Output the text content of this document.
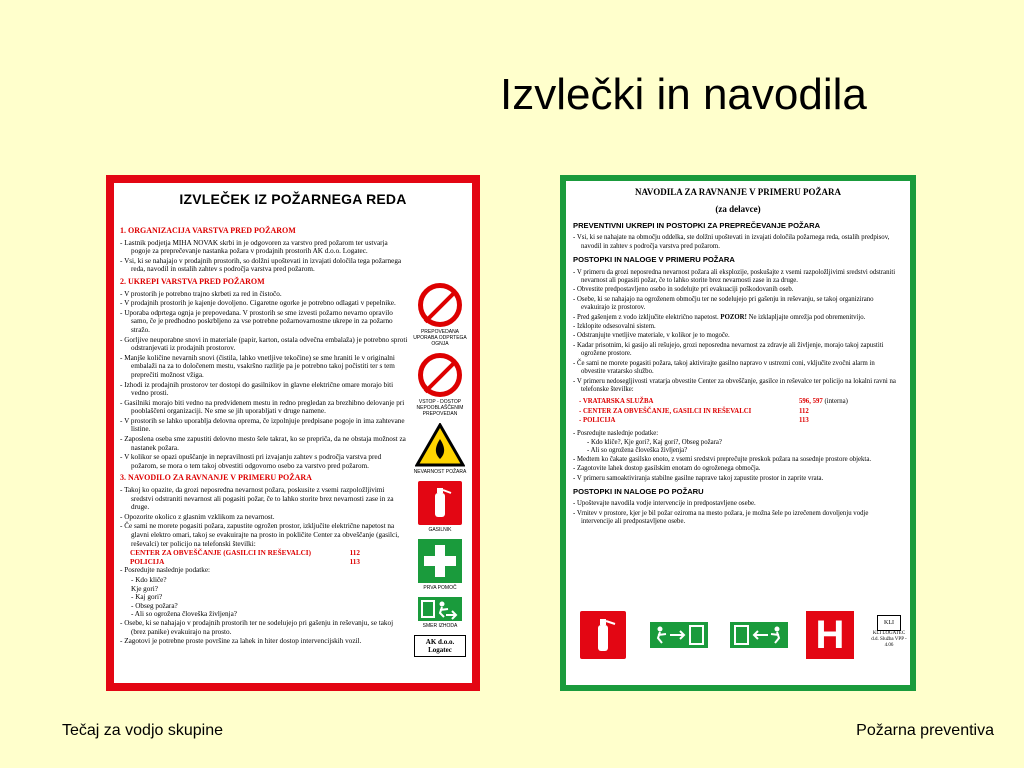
Izvlečki in navodila
IZVLEČEK IZ POŽARNEGA REDA
1. ORGANIZACIJA VARSTVA PRED POŽAROM
- Lastnik podjetja MIHA NOVAK skrbi in je odgovoren za varstvo pred požarom ter ustvarja pogoje za preprečevanje nastanka požara v prodajnih prostorih AK d.o.o. Logatec.
- Vsi, ki se nahajajo v prodajnih prostorih, so dolžni upoštevati in izvajati določila tega požarnega reda, navodil in ostalih zahtev s področja varstva pred požarom.
2. UKREPI VARSTVA PRED POŽAROM
- V prostorih je potrebno trajno skrbeti za red in čistočo.
- V prodajnih prostorih je kajenje dovoljeno. Cigaretne ogorke je potrebno odlagati v pepelnike.
- Uporaba odprtega ognja je prepovedana. V prostorih se sme izvesti požarno nevarno opravilo samo, če je predhodno poskrbljeno za vse potrebne požarnovarnostne ukrepe in za požarno stražo.
- Gorljive neuporabne snovi in materiale (papir, karton, ostala odvečna embalaža) je potrebno sproti odstranjevati iz prodajnih prostorov.
- Manjše količine nevarnih snovi (čistila, lahko vnetljive tekočine) se sme hraniti le v originalni embalaži na za to določenem mestu, vsakršno razlitje pa je potrebno takoj počistiti ter s tem preprečiti možnost vžiga.
- Izhodi iz prodajnih prostorov ter dostopi do gasilnikov in glavne električne omare morajo biti vedno prosti.
- Gasilniki morajo biti vedno na predvidenem mestu in redno pregledan za brezhibno delovanje pri pooblaščeni organizaciji. Ne sme se jih uporabljati v druge namene.
- V prostorih se lahko uporablja delovna oprema, če izpolnjuje predpisane pogoje in ima zahtevane listine.
- Zaposlena oseba sme zapustiti delovno mesto šele takrat, ko se prepriča, da ne obstaja možnost za nastanek požara.
- V kolikor se opazi opuščanje in nepravilnosti pri izvajanju zahtev s področja varstva pred požarom, se mora o tem takoj obvestiti odgovorno osebo za varstvo pred požarom.
3. NAVODILO ZA RAVNANJE V PRIMERU POŽARA
- Takoj ko opazite, da grozi neposredna nevarnost požara, poskusite z vsemi razpoložljivimi sredstvi odstraniti nevarnost ali pogasiti požar, če to lahko storite brez nevarnosti zase in za druge.
- Opozorite okolico z glasnim vzklikom za nevarnost.
- Če sami ne morete pogasiti požara, zapustite ogrožen prostor, izključite električne napetost na glavni elektro omari, takoj se evakuirajte na prosto in pokličite Center za obveščanje (gasilci, reševalci) ter policijo na telefonski številki:
CENTER ZA OBVEŠČANJE (GASILCI IN REŠEVALCI)	112
POLICIJA	113
- Posredujte naslednje podatke:
- Kdo kliče?
Kje gori?
- Kaj gori?
- Obseg požara?
- Ali so ogrožena človeška življenja?
- Osebe, ki se nahajajo v prodajnih prostorih ter ne sodelujejo pri gašenju in reševanju, se takoj (brez panike) evakuirajo na prosto.
- Zagotovi je potrebne proste površine za lahek in hiter dostop intervencijskih vozil.
PREPOVEDANA UPORABA ODPRTEGA OGNJA
VSTOP - DOSTOP NEPOOBLAŠČENIM PREPOVEDAN
NEVARNOST POŽARA
GASILNIK
PRVA POMOČ
SMER IZHODA
AK d.o.o. Logatec
NAVODILA ZA RAVNANJE V PRIMERU POŽARA
(za delavce)
PREVENTIVNI UKREPI IN POSTOPKI ZA PREPREČEVANJE POŽARA
- Vsi, ki se nahajate na območju oddelka, ste dolžni upoštevati in izvajati določila požarnega reda, ostalih predpisov, navodil in zahtev s področja varstva pred požarom.
POSTOPKI IN NALOGE V PRIMERU POŽARA
- V primeru da grozi neposredna nevarnost požara ali eksplozije, poskušajte z vsemi razpoložljivimi sredstvi odstraniti nevarnost ali pogasiti požar, če to lahko storite brez nevarnosti zase in za druge.
- Obvestite predpostavljeno osebo in sodelujte pri evakuaciji poškodovanih oseb.
- Osebe, ki se nahajajo na ogroženem območju ter ne sodelujejo pri gašenju in reševanju, se takoj organizirano evakuirajo iz prostorov.
- Pred gašenjem z vodo izključite električno napetost. POZOR! Ne izklapljajte omrežja pod obremenitvijo.
- Izklopite odsesovalni sistem.
- Odstranjujte vnetljive materiale, v kolikor je to mogoče.
- Kadar prisotnim, ki gasijo ali rešujejo, grozi neposredna nevarnost za zdravje ali življenje, morajo takoj zapustiti ogrožene prostore.
- Če sami ne morete pogasiti požara, takoj aktivirajte gasilno napravo v ustrezni coni, vključite zvočni alarm in obvestite vratarsko službo.
- V primeru nedosegljivosti vratarja obvestite Center za obveščanje, gasilce in reševalce ter policijo na lokalni ravni na telefonske številke:
- VRATARSKA SLUŽBA	596, 597 (interna)
- CENTER ZA OBVEŠČANJE, GASILCI IN REŠEVALCI	112
- POLICIJA	113
- Posredujte naslednje podatke:
- Kdo kliče?, Kje gori?, Kaj gori?, Obseg požara?
- Ali so ogrožena človeška življenja?
- Medtem ko čakate gasilsko enoto, z vsemi sredstvi preprečujte preskok požara na sosednje prostore objekta.
- Zagotovite lahek dostop gasilskim enotam do ogroženega območja.
- V primeru samoaktiviranja stabilne gasilne naprave takoj zapustite prostor in zaprite vrata.
POSTOPKI IN NALOGE PO POŽARU
- Upoštevajte navodila vodje intervencije in predpostavljene osebe.
- Vrnitev v prostore, kjer je bil požar oziroma na mesto požara, je možna šele po izrečenem dovoljenju vodje intervencije ali predpostavljene osebe.
H	KLI
KLI LOGATEC d.d. Služba VPP - 4.06
Tečaj za vodjo skupine	Požarna preventiva
